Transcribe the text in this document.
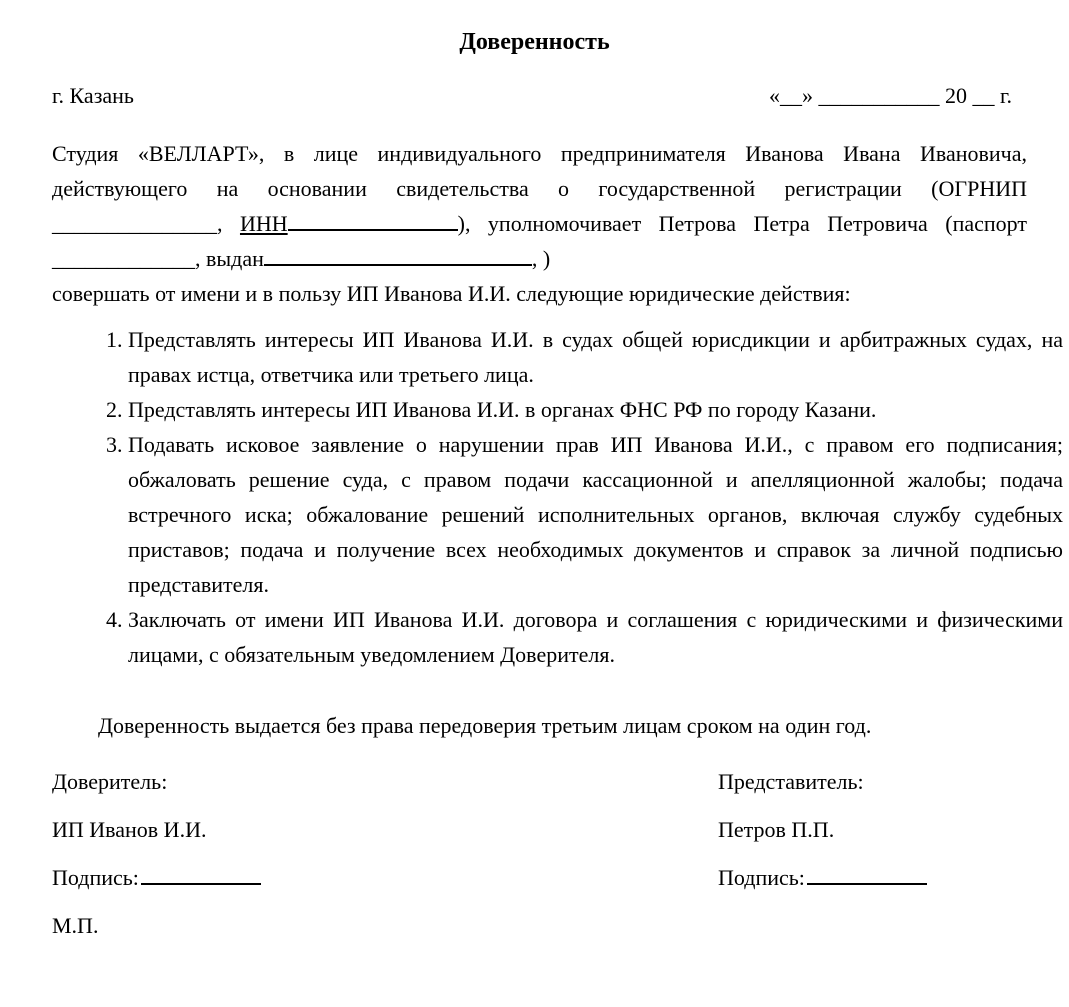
Доверенность
г. Казань	«__» ___________ 20 __ г.
Студия «ВЕЛЛАРТ», в лице индивидуального предпринимателя Иванова Ивана Ивановича, действующего на основании свидетельства о государственной регистрации (ОГРНИП _______________, ИНН	), уполномочивает Петрова Петра Петровича (паспорт _____________, выдан	, )
совершать от имени и в пользу ИП Иванова И.И. следующие юридические действия:
1. Представлять интересы ИП Иванова И.И. в судах общей юрисдикции и арбитражных судах, на правах истца, ответчика или третьего лица.
2. Представлять интересы ИП Иванова И.И. в органах ФНС РФ по городу Казани.
3. Подавать исковое заявление о нарушении прав ИП Иванова И.И., с правом его подписания; обжаловать решение суда, с правом подачи кассационной и апелляционной жалобы; подача встречного иска; обжалование решений исполнительных органов, включая службу судебных приставов; подача и получение всех необходимых документов и справок за личной подписью представителя.
4. Заключать от имени ИП Иванова И.И. договора и соглашения с юридическими и физическими лицами, с обязательным уведомлением Доверителя.
Доверенность выдается без права передоверия третьим лицам сроком на один год.
Доверитель:	Представитель:
ИП Иванов И.И.	Петров П.П.
Подпись:	Подпись:
М.П.
